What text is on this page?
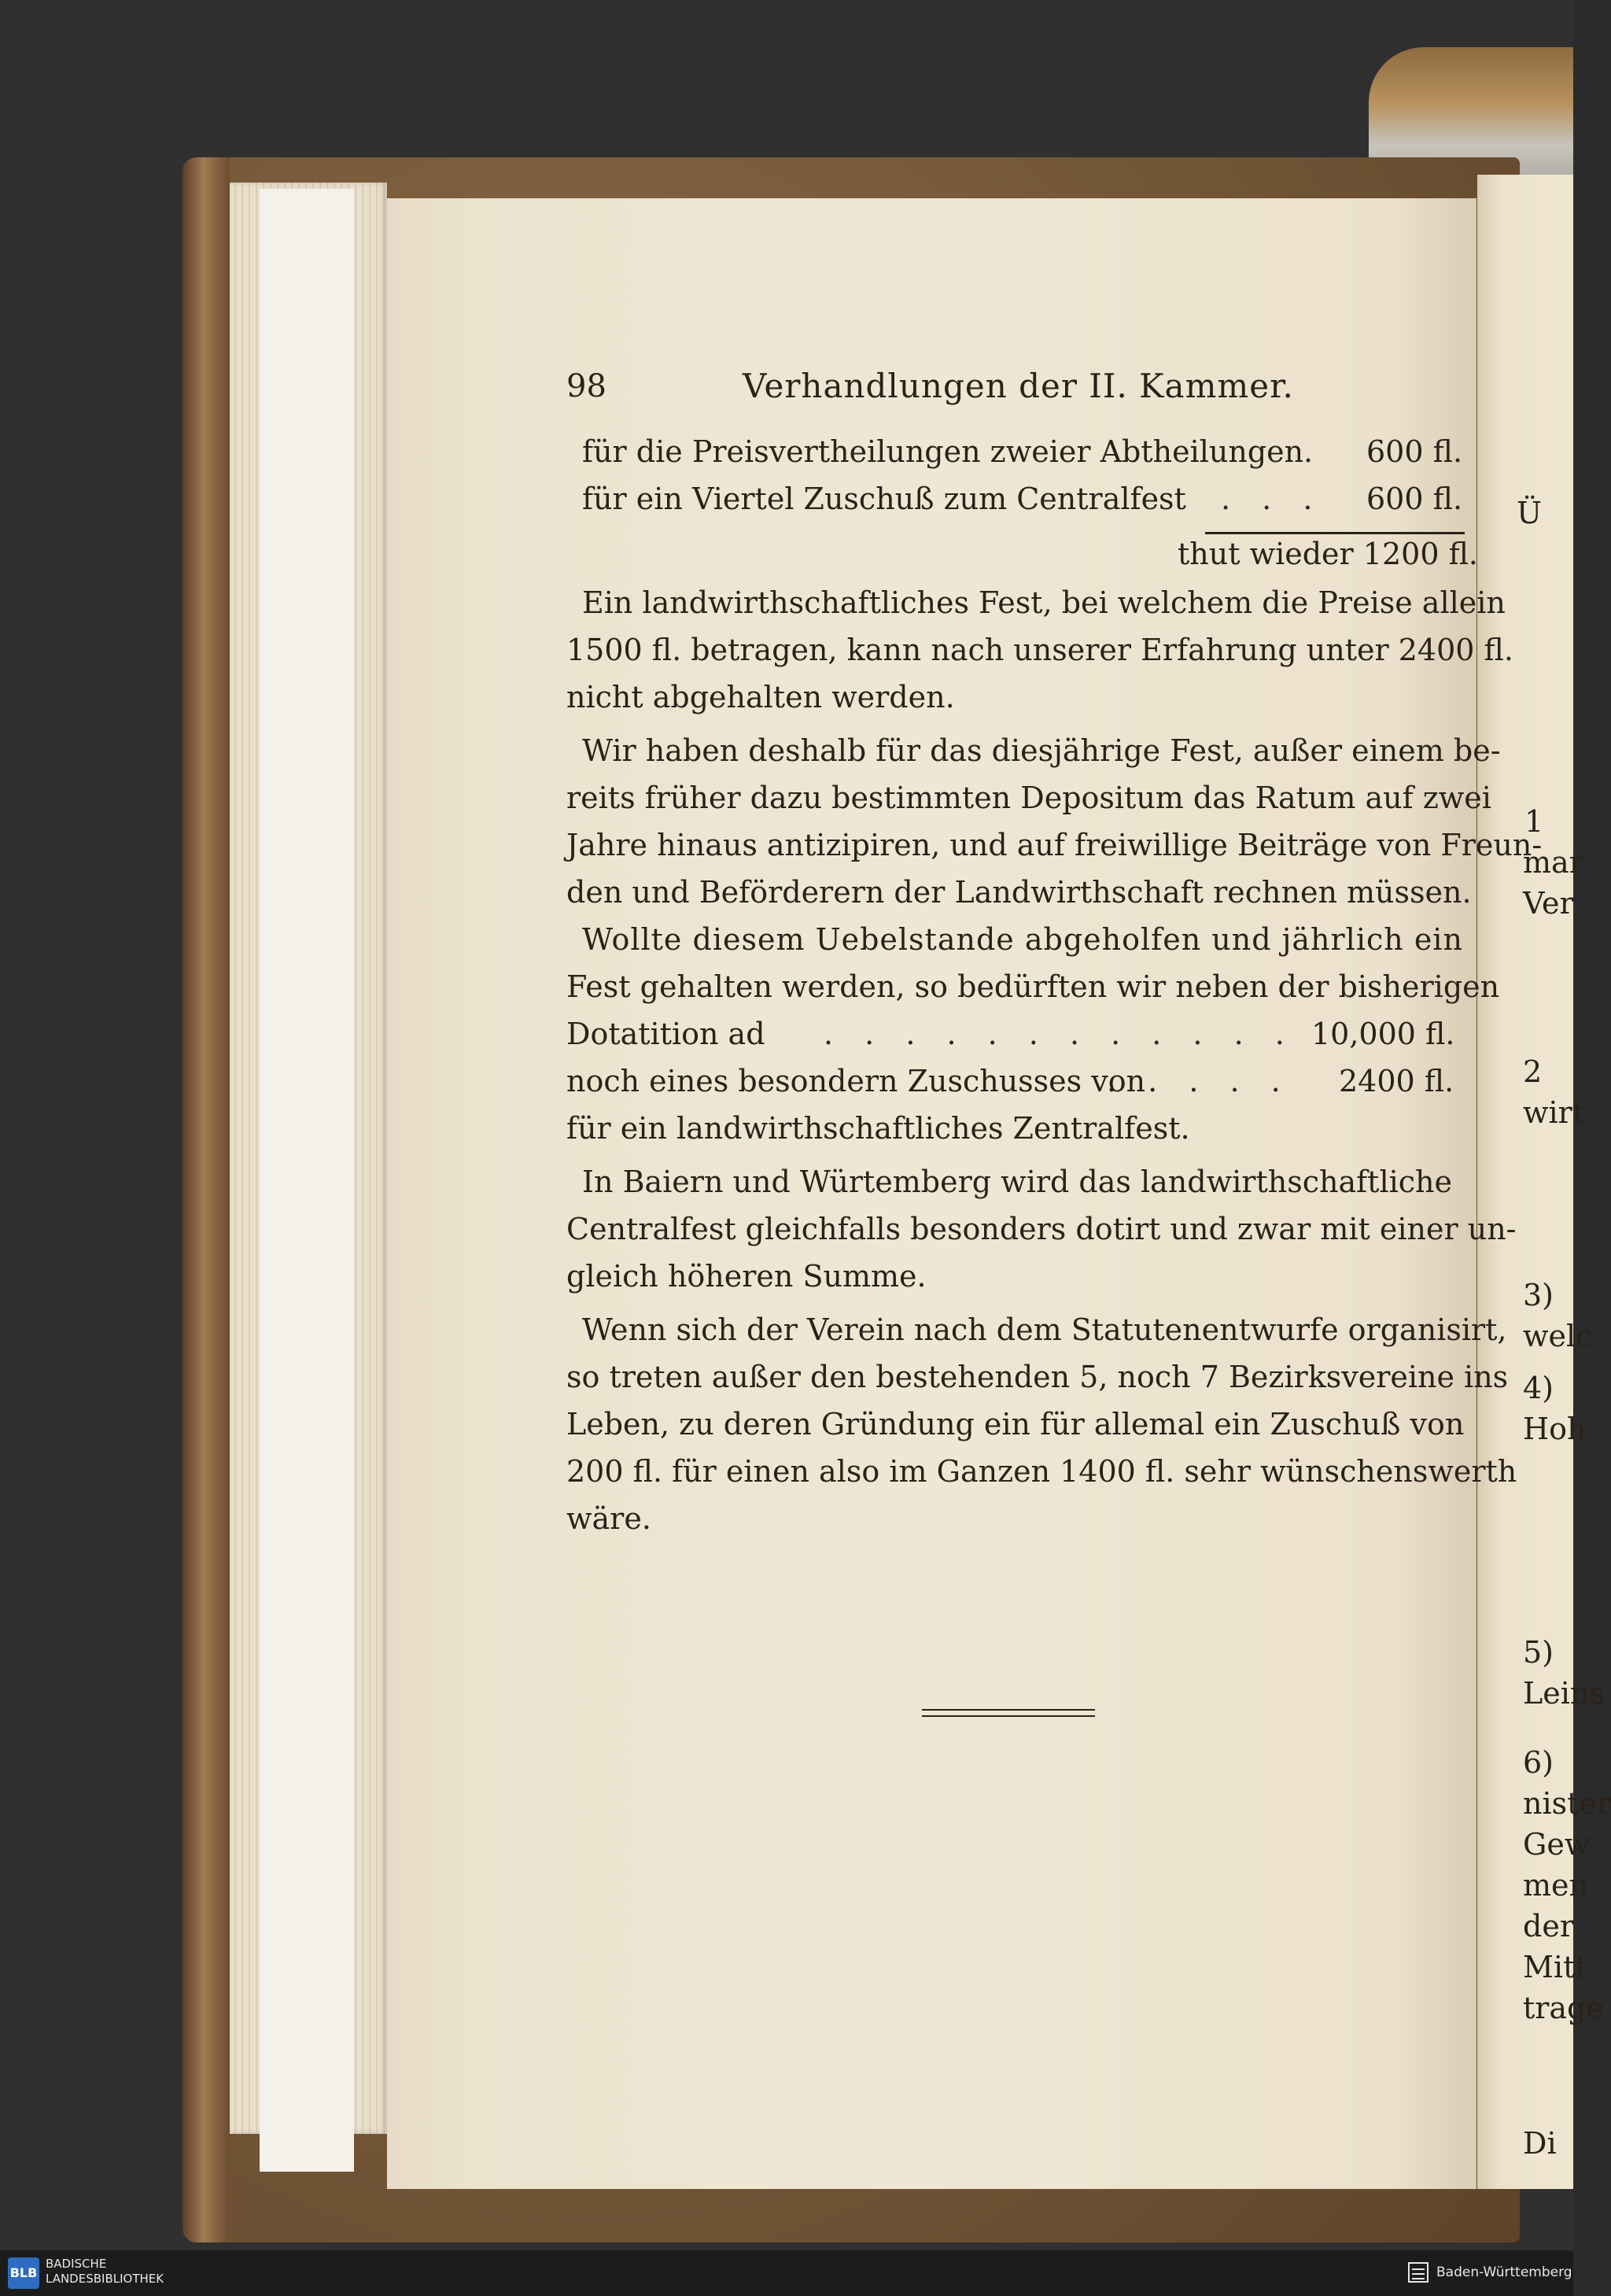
Ü
1
mar
Ver
2
wirt
3)
welc
4)
Hoh
5)
Leins
6)
nister
Gew
men
der
Mitt
trage
Di
98	Verhandlungen der II. Kammer.
für die Preisvertheilungen zweier Abtheilungen . 600 fl.
für ein Viertel Zuschuß zum Centralfest . . . 600 fl.
thut wieder 1200 fl.
Ein landwirthschaftliches Fest, bei welchem die Preise allein
1500 fl. betragen, kann nach unserer Erfahrung unter 2400 fl.
nicht abgehalten werden.
Wir haben deshalb für das diesjährige Fest, außer einem be-
reits früher dazu bestimmten Depositum das Ratum auf zwei
Jahre hinaus antizipiren, und auf freiwillige Beiträge von Freun-
den und Beförderern der Landwirthschaft rechnen müssen.
Wollte diesem Uebelstande abgeholfen und jährlich ein
Fest gehalten werden, so bedürften wir neben der bisherigen
Dotatition ad . . . . . . . . . . . . 10,000 fl.
noch eines besondern Zuschusses von
. . . . . 2400 fl.
für ein landwirthschaftliches Zentralfest.
In Baiern und Würtemberg wird das landwirthschaftliche
Centralfest gleichfalls besonders dotirt und zwar mit einer un-
gleich höheren Summe.
Wenn sich der Verein nach dem Statutenentwurfe organisirt,
so treten außer den bestehenden 5, noch 7 Bezirksvereine ins
Leben, zu deren Gründung ein für allemal ein Zuschuß von
200 fl. für einen also im Ganzen 1400 fl. sehr wünschenswerth
wäre.
BLB
BADISCHE
LANDESBIBLIOTHEK	Baden-Württemberg
